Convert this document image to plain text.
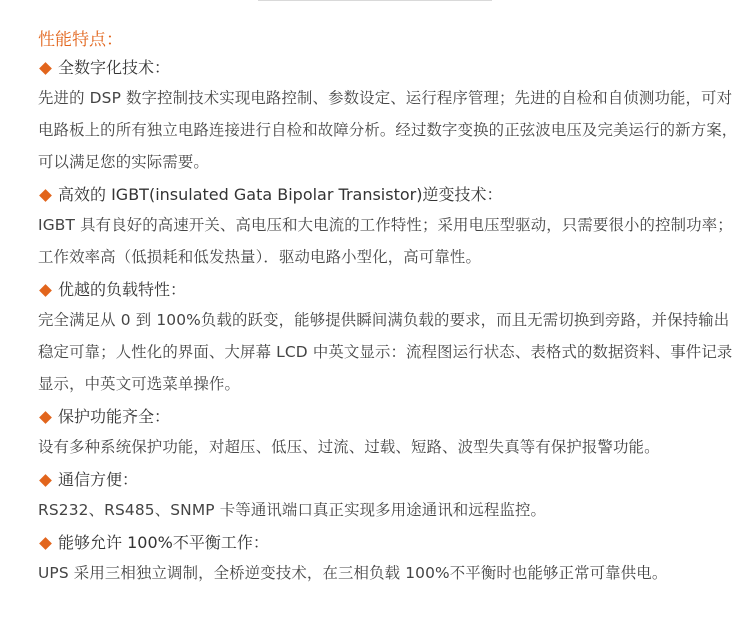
性能特点：

全数字化技术：

先进的 DSP 数字控制技术实现电路控制、参数设定、运行程序管理；先进的自检和自侦测功能，可对电路板上的所有独立电路连接进行自检和故障分析。经过数字变换的正弦波电压及完美运行的新方案，可以满足您的实际需要。

高效的 IGBT(insulated Gata Bipolar Transistor)逆变技术：

IGBT 具有良好的高速开关、高电压和大电流的工作特性；采用电压型驱动，只需要很小的控制功率；工作效率高（低损耗和低发热量）．驱动电路小型化，高可靠性。

优越的负载特性：

完全满足从 0 到 100%负载的跃变，能够提供瞬间满负载的要求，而且无需切换到旁路，并保持输出稳定可靠；人性化的界面、大屏幕 LCD 中英文显示：流程图运行状态、表格式的数据资料、事件记录显示，中英文可选菜单操作。

保护功能齐全：

设有多种系统保护功能，对超压、低压、过流、过载、短路、波型失真等有保护报警功能。

通信方便：

RS232、RS485、SNMP 卡等通讯端口真正实现多用途通讯和远程监控。

能够允许 100%不平衡工作：

UPS 采用三相独立调制，全桥逆变技术，在三相负载 100%不平衡时也能够正常可靠供电。
